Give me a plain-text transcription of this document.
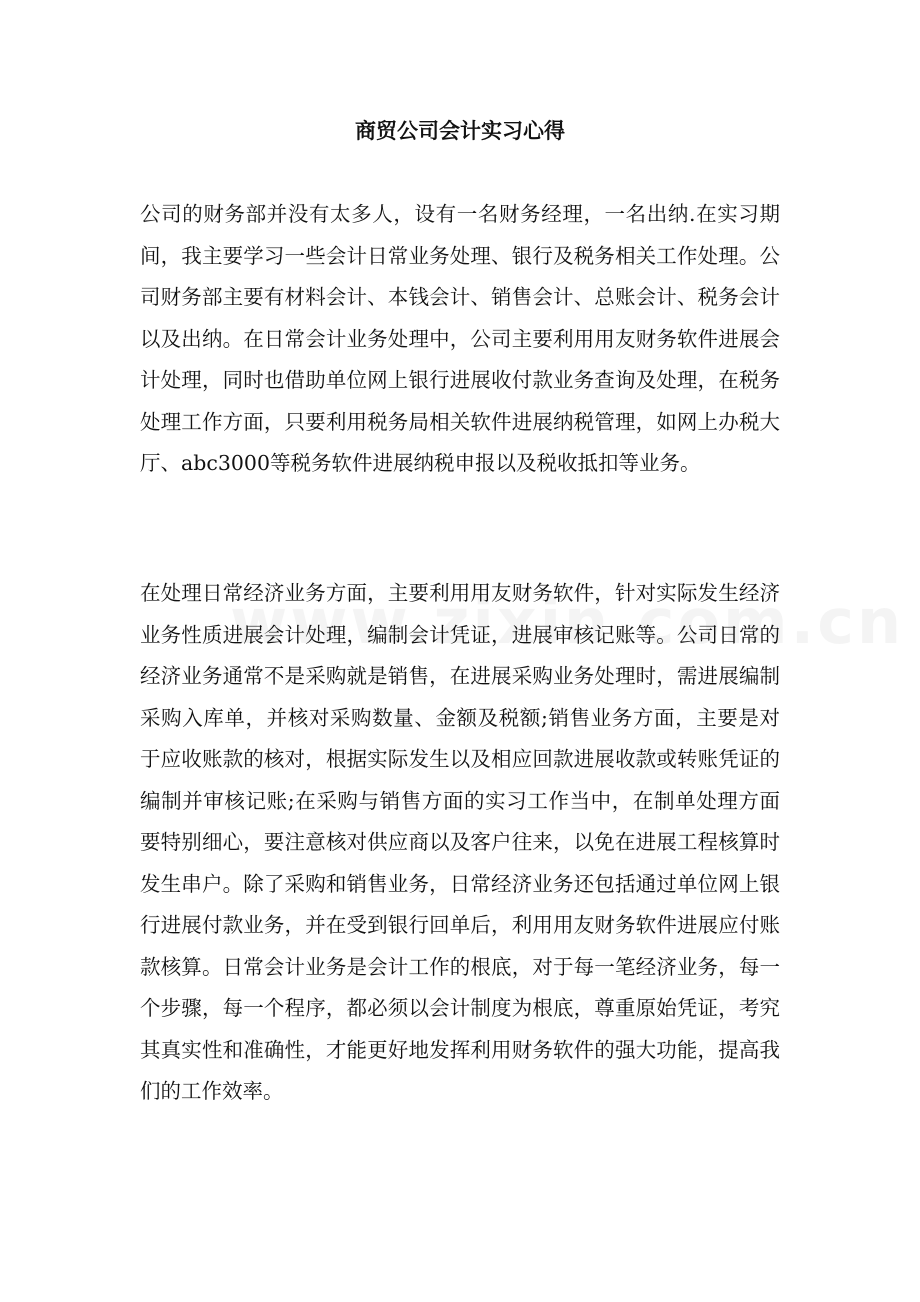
商贸公司会计实习心得
公司的财务部并没有太多人，设有一名财务经理，一名出纳.在实习期间，我主要学习一些会计日常业务处理、银行及税务相关工作处理。公司财务部主要有材料会计、本钱会计、销售会计、总账会计、税务会计以及出纳。在日常会计业务处理中，公司主要利用用友财务软件进展会计处理，同时也借助单位网上银行进展收付款业务查询及处理，在税务处理工作方面，只要利用税务局相关软件进展纳税管理，如网上办税大厅、abc3000等税务软件进展纳税申报以及税收抵扣等业务。
在处理日常经济业务方面，主要利用用友财务软件，针对实际发生经济业务性质进展会计处理，编制会计凭证，进展审核记账等。公司日常的经济业务通常不是采购就是销售，在进展采购业务处理时，需进展编制采购入库单，并核对采购数量、金额及税额;销售业务方面，主要是对于应收账款的核对，根据实际发生以及相应回款进展收款或转账凭证的编制并审核记账;在采购与销售方面的实习工作当中，在制单处理方面要特别细心，要注意核对供应商以及客户往来，以免在进展工程核算时发生串户。除了采购和销售业务，日常经济业务还包括通过单位网上银行进展付款业务，并在受到银行回单后，利用用友财务软件进展应付账款核算。日常会计业务是会计工作的根底，对于每一笔经济业务，每一个步骤，每一个程序，都必须以会计制度为根底，尊重原始凭证，考究其真实性和准确性，才能更好地发挥利用财务软件的强大功能，提高我们的工作效率。
